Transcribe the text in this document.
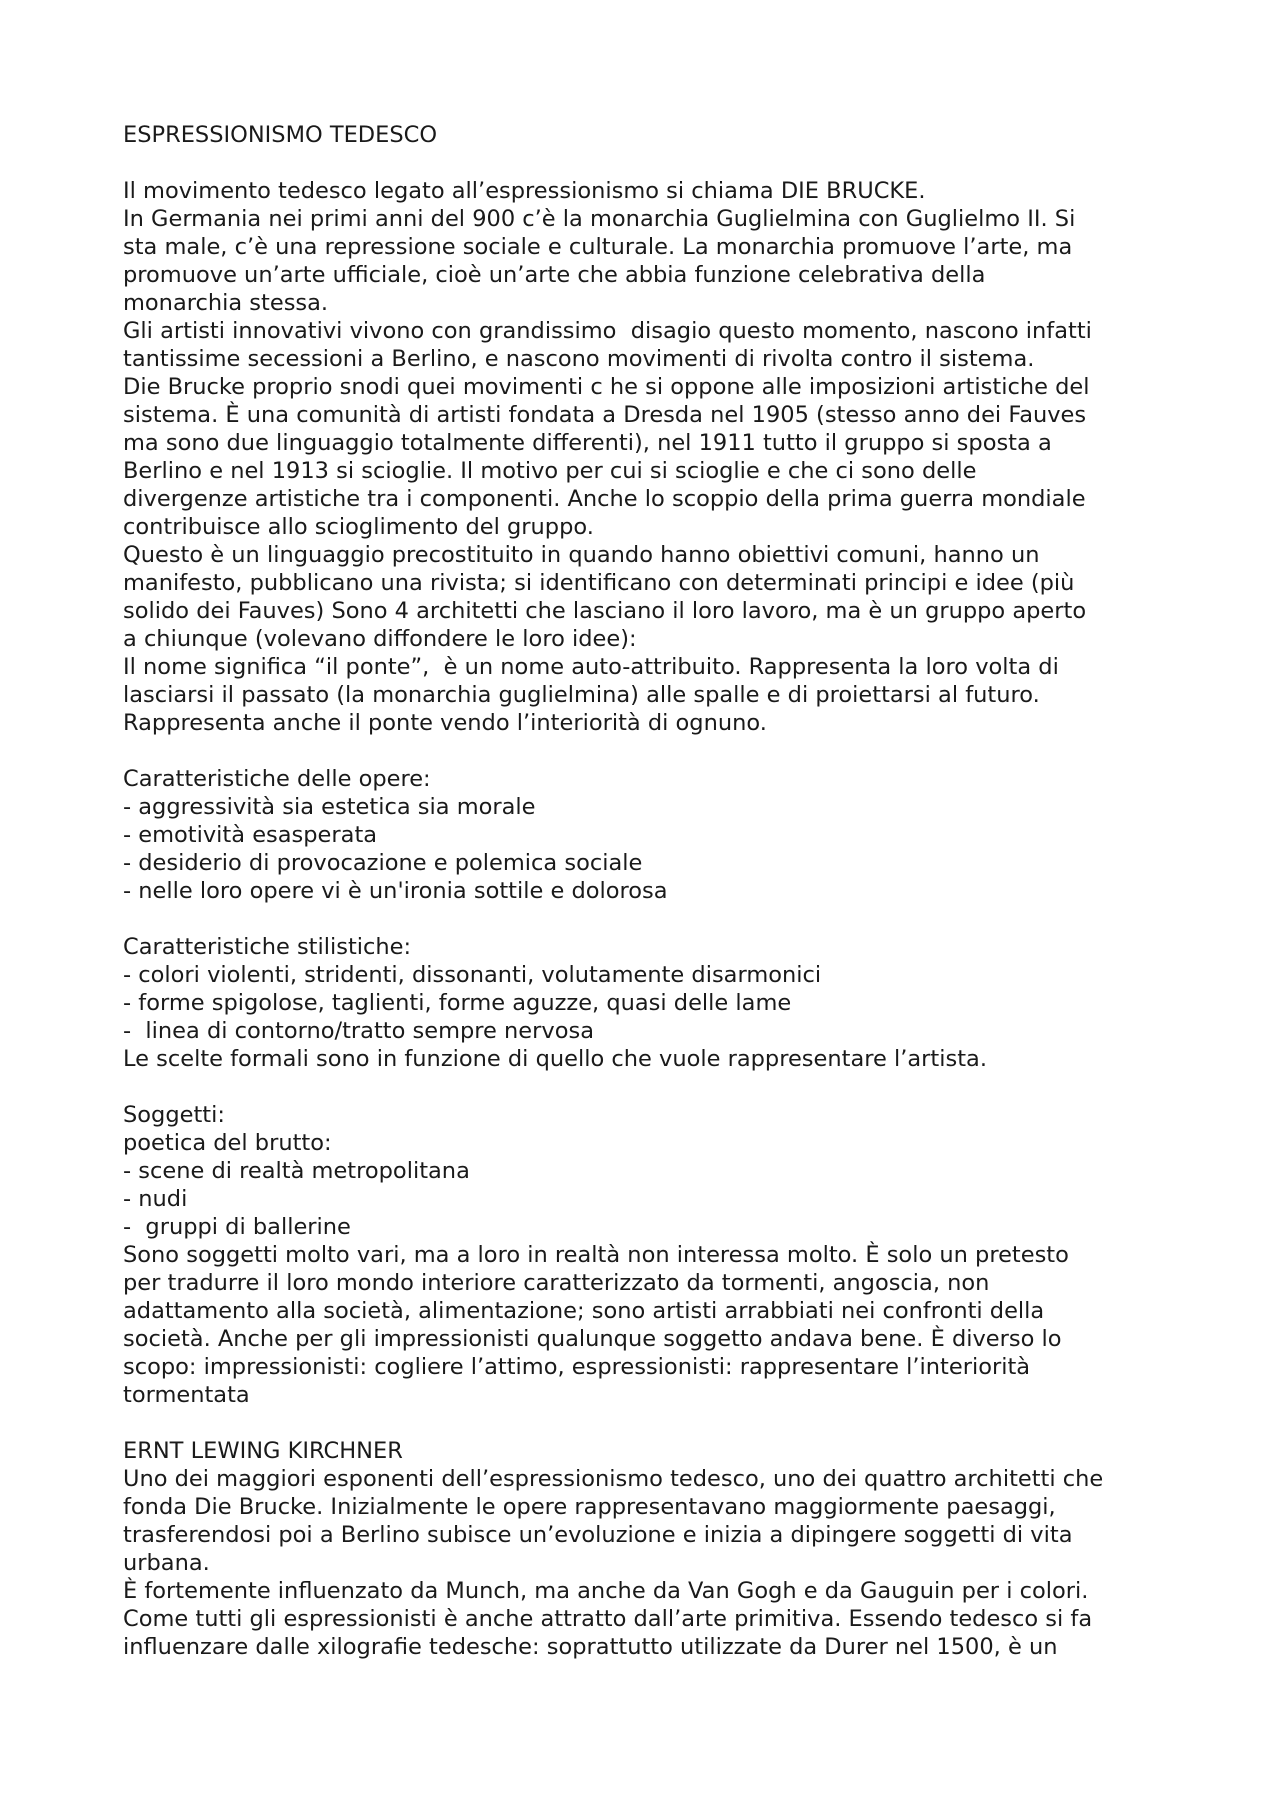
ESPRESSIONISMO TEDESCO

Il movimento tedesco legato all’espressionismo si chiama DIE BRUCKE.
In Germania nei primi anni del 900 c’è la monarchia Guglielmina con Guglielmo II. Si
sta male, c’è una repressione sociale e culturale. La monarchia promuove l’arte, ma
promuove un’arte ufficiale, cioè un’arte che abbia funzione celebrativa della
monarchia stessa.
Gli artisti innovativi vivono con grandissimo  disagio questo momento, nascono infatti
tantissime secessioni a Berlino, e nascono movimenti di rivolta contro il sistema.
Die Brucke proprio snodi quei movimenti c he si oppone alle imposizioni artistiche del
sistema. È una comunità di artisti fondata a Dresda nel 1905 (stesso anno dei Fauves
ma sono due linguaggio totalmente differenti), nel 1911 tutto il gruppo si sposta a
Berlino e nel 1913 si scioglie. Il motivo per cui si scioglie e che ci sono delle
divergenze artistiche tra i componenti. Anche lo scoppio della prima guerra mondiale
contribuisce allo scioglimento del gruppo.
Questo è un linguaggio precostituito in quando hanno obiettivi comuni, hanno un
manifesto, pubblicano una rivista; si identificano con determinati principi e idee (più
solido dei Fauves) Sono 4 architetti che lasciano il loro lavoro, ma è un gruppo aperto
a chiunque (volevano diffondere le loro idee):
Il nome significa “il ponte”,  è un nome auto-attribuito. Rappresenta la loro volta di
lasciarsi il passato (la monarchia guglielmina) alle spalle e di proiettarsi al futuro.
Rappresenta anche il ponte vendo l’interiorità di ognuno.

Caratteristiche delle opere:
- aggressività sia estetica sia morale
- emotività esasperata
- desiderio di provocazione e polemica sociale
- nelle loro opere vi è un'ironia sottile e dolorosa

Caratteristiche stilistiche:
- colori violenti, stridenti, dissonanti, volutamente disarmonici
- forme spigolose, taglienti, forme aguzze, quasi delle lame
-  linea di contorno/tratto sempre nervosa
Le scelte formali sono in funzione di quello che vuole rappresentare l’artista.

Soggetti:
poetica del brutto:
- scene di realtà metropolitana
- nudi
-  gruppi di ballerine
Sono soggetti molto vari, ma a loro in realtà non interessa molto. È solo un pretesto
per tradurre il loro mondo interiore caratterizzato da tormenti, angoscia, non
adattamento alla società, alimentazione; sono artisti arrabbiati nei confronti della
società. Anche per gli impressionisti qualunque soggetto andava bene. È diverso lo
scopo: impressionisti: cogliere l’attimo, espressionisti: rappresentare l’interiorità
tormentata

ERNT LEWING KIRCHNER
Uno dei maggiori esponenti dell’espressionismo tedesco, uno dei quattro architetti che
fonda Die Brucke. Inizialmente le opere rappresentavano maggiormente paesaggi,
trasferendosi poi a Berlino subisce un’evoluzione e inizia a dipingere soggetti di vita
urbana.
È fortemente influenzato da Munch, ma anche da Van Gogh e da Gauguin per i colori.
Come tutti gli espressionisti è anche attratto dall’arte primitiva. Essendo tedesco si fa
influenzare dalle xilografie tedesche: soprattutto utilizzate da Durer nel 1500, è un
